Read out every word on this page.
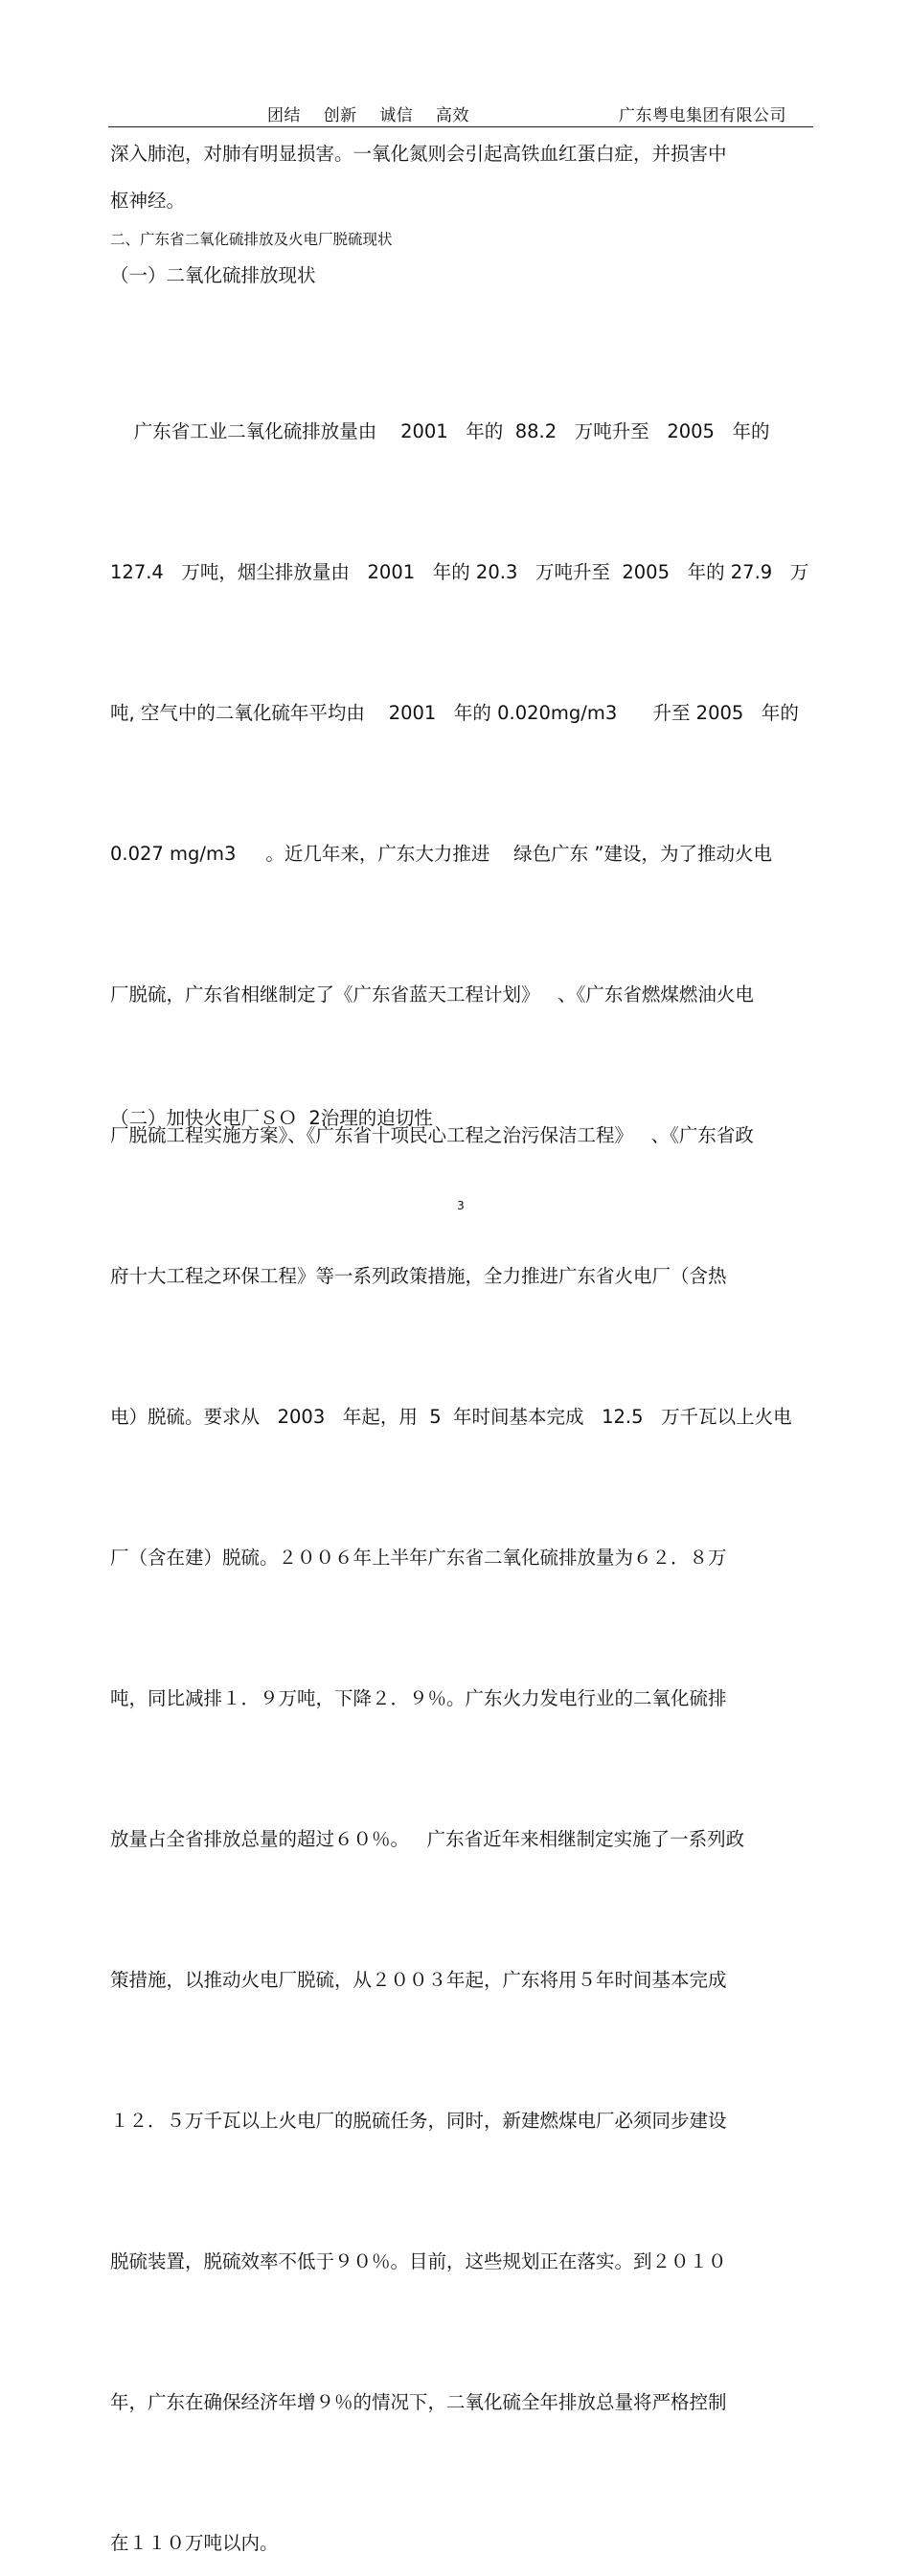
团结    创新    诚信    高效	广东粤电集团有限公司
深入肺泡，对肺有明显损害。一氧化氮则会引起高铁血红蛋白症，并损害中
枢神经。
二、广东省二氧化硫排放及火电厂脱硫现状
（一）二氧化硫排放现状

广东省工业二氧化硫排放量由    2001   年的  88.2   万吨升至   2005   年的

127.4   万吨，烟尘排放量由   2001   年的 20.3   万吨升至  2005   年的 27.9   万

吨, 空气中的二氧化硫年平均由    2001   年的 0.020mg/m3      升至 2005   年的

0.027 mg/m3     。近几年来，广东大力推进    绿色广东 ”建设，为了推动火电

厂脱硫，广东省相继制定了《广东省蓝天工程计划》   、《广东省燃煤燃油火电

厂脱硫工程实施方案》、《广东省十项民心工程之治污保洁工程》   、《广东省政

府十大工程之环保工程》等一系列政策措施，全力推进广东省火电厂（含热

电）脱硫。要求从   2003   年起，用  5  年时间基本完成   12.5   万千瓦以上火电

厂（含在建）脱硫。２００６年上半年广东省二氧化硫排放量为６２．８万

吨，同比减排１．９万吨，下降２．９％。广东火力发电行业的二氧化硫排

放量占全省排放总量的超过６０％。   广东省近年来相继制定实施了一系列政

策措施，以推动火电厂脱硫，从２００３年起，广东将用５年时间基本完成

１２．５万千瓦以上火电厂的脱硫任务，同时，新建燃煤电厂必须同步建设

脱硫装置，脱硫效率不低于９０％。目前，这些规划正在落实。到２０１０

年，广东在确保经济年增９％的情况下，二氧化硫全年排放总量将严格控制

在１１０万吨以内。

（二）加快火电厂ＳＯ  2治理的迫切性
3
